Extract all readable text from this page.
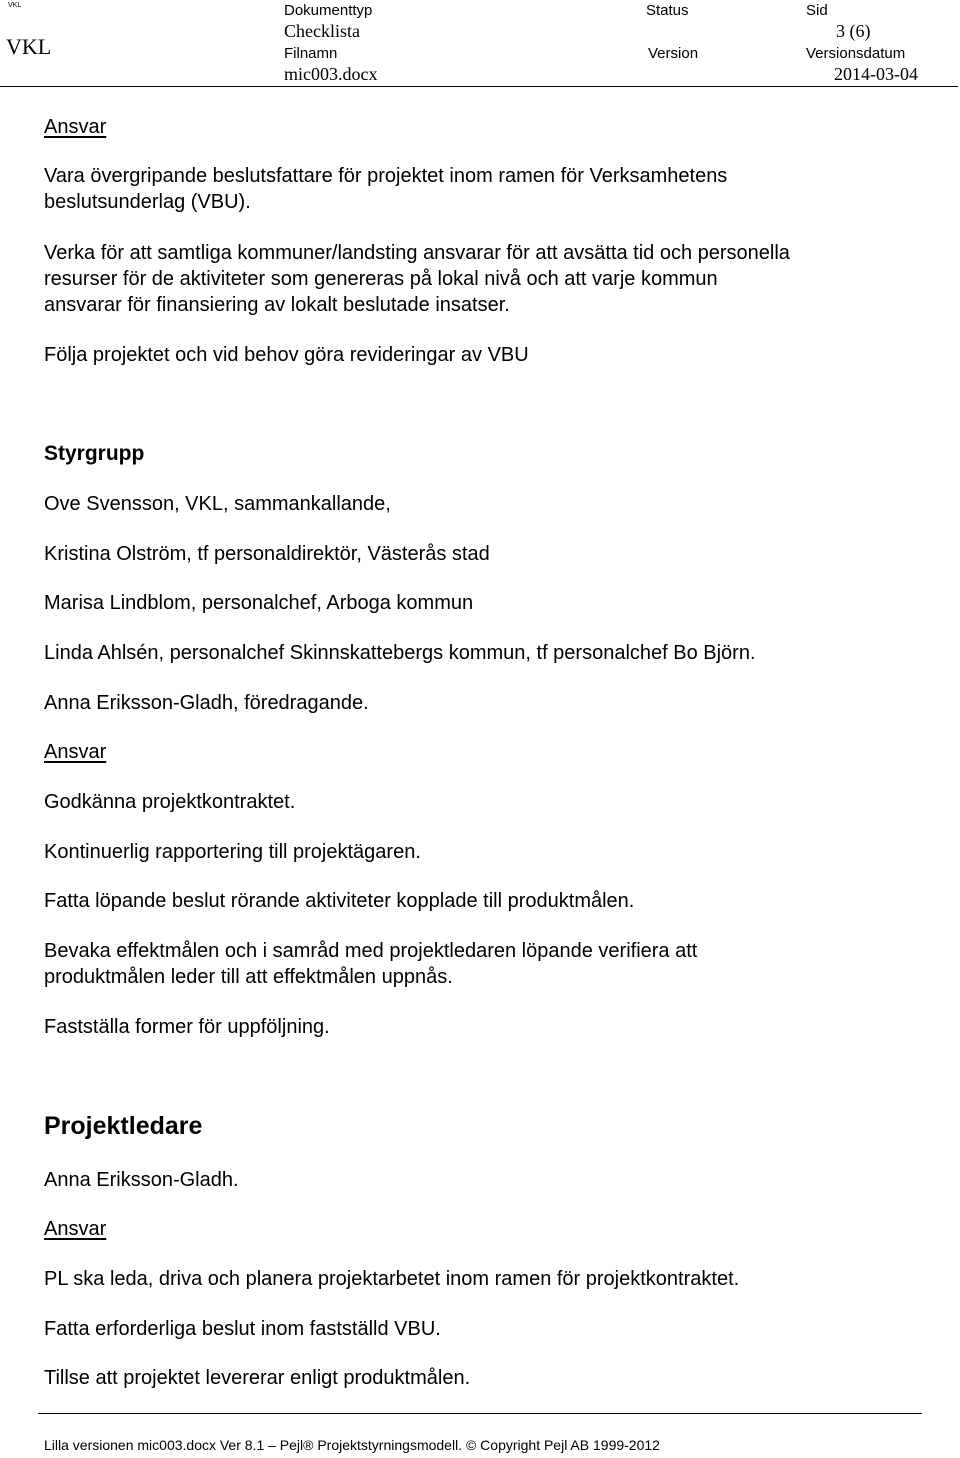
VKL
VKL
Dokumenttyp
Checklista
Filnamn
mic003.docx
Status
Version
Sid
3 (6)
Versionsdatum
2014-03-04
Ansvar
Vara övergripande beslutsfattare för projektet inom ramen för Verksamhetens
beslutsunderlag (VBU).
Verka för att samtliga kommuner/landsting ansvarar för att avsätta tid och personella
resurser för de aktiviteter som genereras på lokal nivå och att varje kommun
ansvarar för finansiering av lokalt beslutade insatser.
Följa projektet och vid behov göra revideringar av VBU
Styrgrupp
Ove Svensson, VKL, sammankallande,
Kristina Olström, tf personaldirektör, Västerås stad
Marisa Lindblom, personalchef, Arboga kommun
Linda Ahlsén, personalchef Skinnskattebergs kommun, tf personalchef Bo Björn.
Anna Eriksson-Gladh, föredragande.
Ansvar
Godkänna projektkontraktet.
Kontinuerlig rapportering till projektägaren.
Fatta löpande beslut rörande aktiviteter kopplade till produktmålen.
Bevaka effektmålen och i samråd med projektledaren löpande verifiera att
produktmålen leder till att effektmålen uppnås.
Fastställa former för uppföljning.
Projektledare
Anna Eriksson-Gladh.
Ansvar
PL ska leda, driva och planera projektarbetet inom ramen för projektkontraktet.
Fatta erforderliga beslut inom fastställd VBU.
Tillse att projektet levererar enligt produktmålen.
Lilla versionen mic003.docx Ver 8.1 – Pejl® Projektstyrningsmodell. © Copyright Pejl AB 1999-2012
